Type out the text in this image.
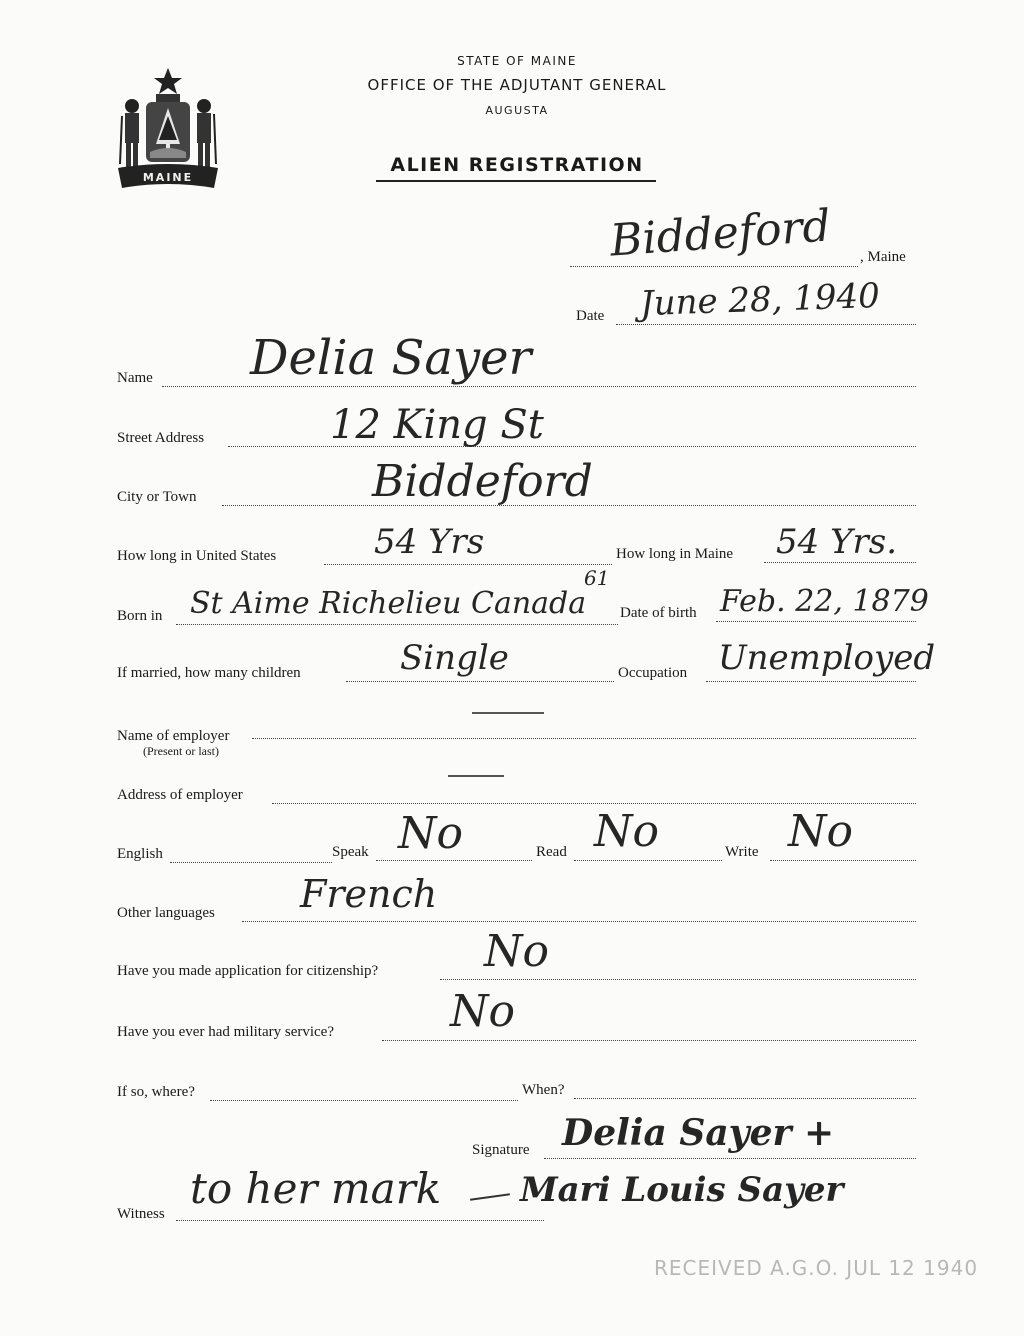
STATE OF MAINE
OFFICE OF THE ADJUTANT GENERAL
AUGUSTA
ALIEN REGISTRATION
MAINE
Biddeford , Maine
Date June 28, 1940
Name Delia Sayer
Street Address	12 King St
City or Town	Biddeford
How long in United States	54 Yrs	How long in Maine 54 Yrs.
61
Born in St Aime Richelieu Canada Date of birth Feb. 22, 1879
If married, how many children	Single	Occupation Unemployed
Name of employer
(Present or last)
Address of employer
English	Speak No	Read No	Write No
Other languages French
Have you made application for citizenship? No
Have you ever had military service?	No
If so, where?	When?
Signature Delia Sayer +
Witness
to her mark Mari Louis Sayer
RECEIVED A.G.O. JUL 12 1940
